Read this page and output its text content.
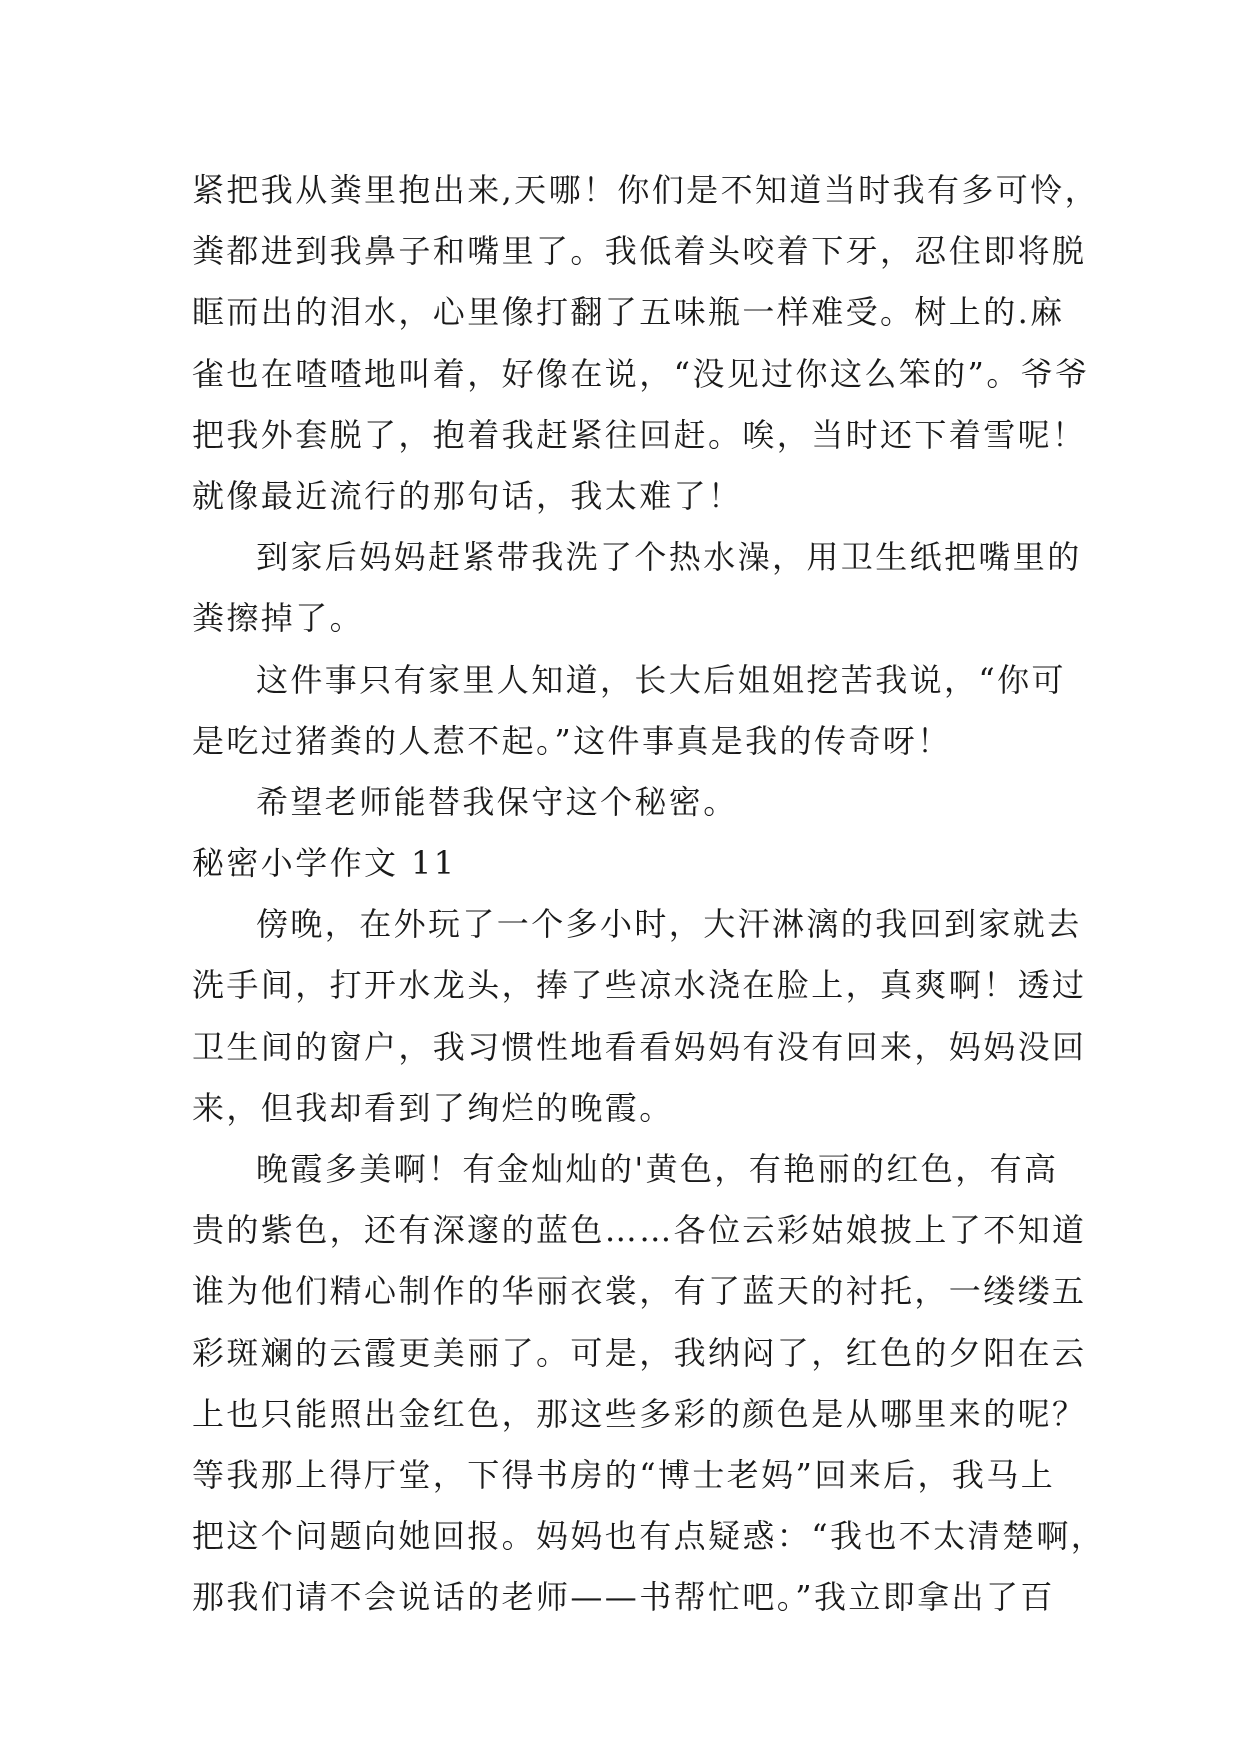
紧把我从粪里抱出来,天哪！你们是不知道当时我有多可怜，
粪都进到我鼻子和嘴里了。我低着头咬着下牙，忍住即将脱
眶而出的泪水，心里像打翻了五味瓶一样难受。树上的.麻
雀也在喳喳地叫着，好像在说，“没见过你这么笨的”。爷爷
把我外套脱了，抱着我赶紧往回赶。唉，当时还下着雪呢！
就像最近流行的那句话，我太难了！
到家后妈妈赶紧带我洗了个热水澡，用卫生纸把嘴里的
粪擦掉了。
这件事只有家里人知道，长大后姐姐挖苦我说，“你可
是吃过猪粪的人惹不起。”这件事真是我的传奇呀！
希望老师能替我保守这个秘密。
秘密小学作文 11
傍晚，在外玩了一个多小时，大汗淋漓的我回到家就去
洗手间，打开水龙头，捧了些凉水浇在脸上，真爽啊！透过
卫生间的窗户，我习惯性地看看妈妈有没有回来，妈妈没回
来，但我却看到了绚烂的晚霞。
晚霞多美啊！有金灿灿的'黄色，有艳丽的红色，有高
贵的紫色，还有深邃的蓝色……各位云彩姑娘披上了不知道
谁为他们精心制作的华丽衣裳，有了蓝天的衬托，一缕缕五
彩斑斓的云霞更美丽了。可是，我纳闷了，红色的夕阳在云
上也只能照出金红色，那这些多彩的颜色是从哪里来的呢？
等我那上得厅堂，下得书房的“博士老妈”回来后，我马上
把这个问题向她回报。妈妈也有点疑惑：“我也不太清楚啊，
那我们请不会说话的老师——书帮忙吧。”我立即拿出了百
